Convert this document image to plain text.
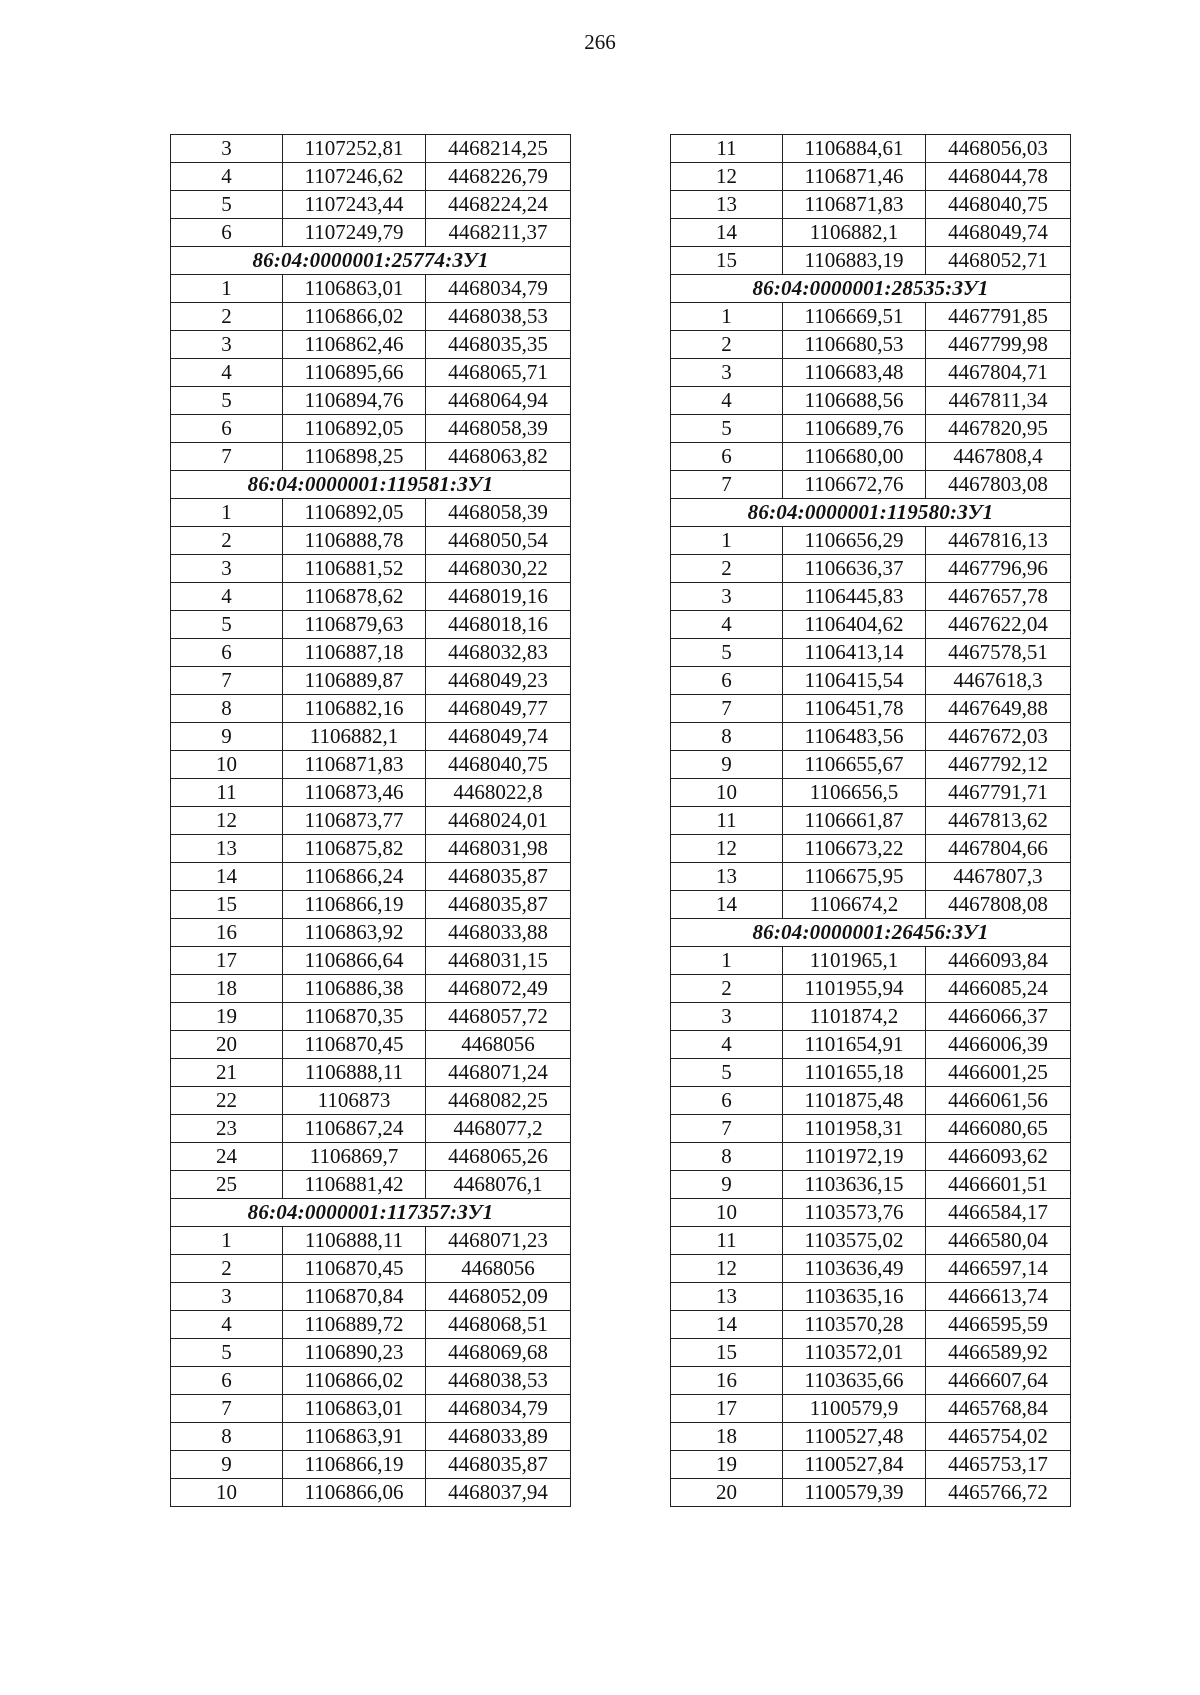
266
3	1107252,81	4468214,25
4	1107246,62	4468226,79
5	1107243,44	4468224,24
6	1107249,79	4468211,37
86:04:0000001:25774:ЗУ1		
1	1106863,01	4468034,79
2	1106866,02	4468038,53
3	1106862,46	4468035,35
4	1106895,66	4468065,71
5	1106894,76	4468064,94
6	1106892,05	4468058,39
7	1106898,25	4468063,82
86:04:0000001:119581:ЗУ1		
1	1106892,05	4468058,39
2	1106888,78	4468050,54
3	1106881,52	4468030,22
4	1106878,62	4468019,16
5	1106879,63	4468018,16
6	1106887,18	4468032,83
7	1106889,87	4468049,23
8	1106882,16	4468049,77
9	1106882,1	4468049,74
10	1106871,83	4468040,75
11	1106873,46	4468022,8
12	1106873,77	4468024,01
13	1106875,82	4468031,98
14	1106866,24	4468035,87
15	1106866,19	4468035,87
16	1106863,92	4468033,88
17	1106866,64	4468031,15
18	1106886,38	4468072,49
19	1106870,35	4468057,72
20	1106870,45	4468056
21	1106888,11	4468071,24
22	1106873	4468082,25
23	1106867,24	4468077,2
24	1106869,7	4468065,26
25	1106881,42	4468076,1
86:04:0000001:117357:ЗУ1		
1	1106888,11	4468071,23
2	1106870,45	4468056
3	1106870,84	4468052,09
4	1106889,72	4468068,51
5	1106890,23	4468069,68
6	1106866,02	4468038,53
7	1106863,01	4468034,79
8	1106863,91	4468033,89
9	1106866,19	4468035,87
10	1106866,06	4468037,94
11	1106884,61	4468056,03
12	1106871,46	4468044,78
13	1106871,83	4468040,75
14	1106882,1	4468049,74
15	1106883,19	4468052,71
86:04:0000001:28535:ЗУ1		
1	1106669,51	4467791,85
2	1106680,53	4467799,98
3	1106683,48	4467804,71
4	1106688,56	4467811,34
5	1106689,76	4467820,95
6	1106680,00	4467808,4
7	1106672,76	4467803,08
86:04:0000001:119580:ЗУ1		
1	1106656,29	4467816,13
2	1106636,37	4467796,96
3	1106445,83	4467657,78
4	1106404,62	4467622,04
5	1106413,14	4467578,51
6	1106415,54	4467618,3
7	1106451,78	4467649,88
8	1106483,56	4467672,03
9	1106655,67	4467792,12
10	1106656,5	4467791,71
11	1106661,87	4467813,62
12	1106673,22	4467804,66
13	1106675,95	4467807,3
14	1106674,2	4467808,08
86:04:0000001:26456:ЗУ1		
1	1101965,1	4466093,84
2	1101955,94	4466085,24
3	1101874,2	4466066,37
4	1101654,91	4466006,39
5	1101655,18	4466001,25
6	1101875,48	4466061,56
7	1101958,31	4466080,65
8	1101972,19	4466093,62
9	1103636,15	4466601,51
10	1103573,76	4466584,17
11	1103575,02	4466580,04
12	1103636,49	4466597,14
13	1103635,16	4466613,74
14	1103570,28	4466595,59
15	1103572,01	4466589,92
16	1103635,66	4466607,64
17	1100579,9	4465768,84
18	1100527,48	4465754,02
19	1100527,84	4465753,17
20	1100579,39	4465766,72
